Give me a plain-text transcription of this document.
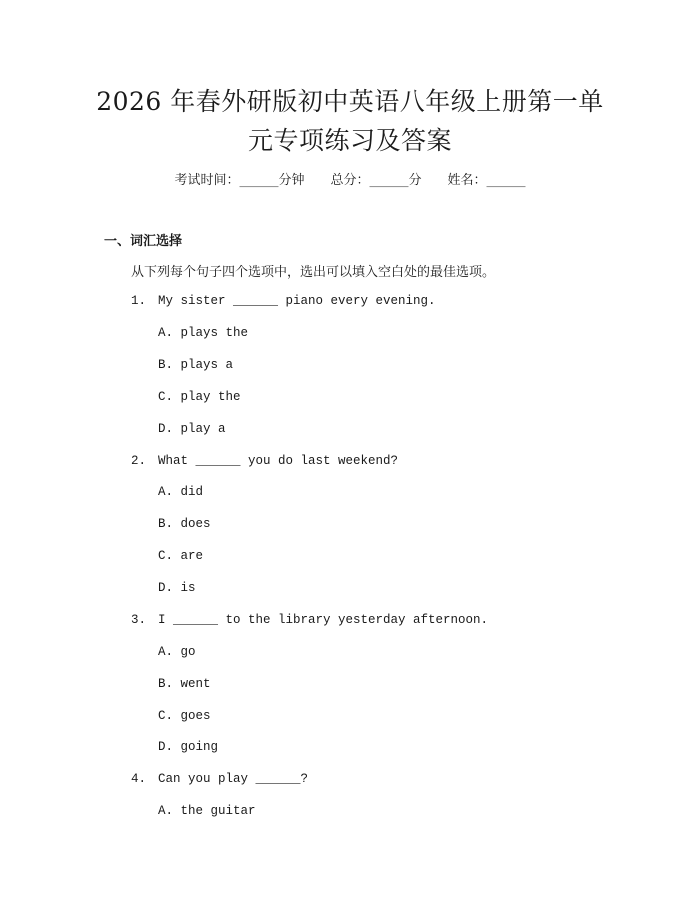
2026 年春外研版初中英语八年级上册第一单
元专项练习及答案
考试时间：______分钟 总分：______分 姓名：______
一、词汇选择
从下列每个句子四个选项中，选出可以填入空白处的最佳选项。
1. My sister ______ piano every evening.
A. plays the
B. plays a
C. play the
D. play a
2. What ______ you do last weekend?
A. did
B. does
C. are
D. is
3. I ______ to the library yesterday afternoon.
A. go
B. went
C. goes
D. going
4. Can you play ______?
A. the guitar
